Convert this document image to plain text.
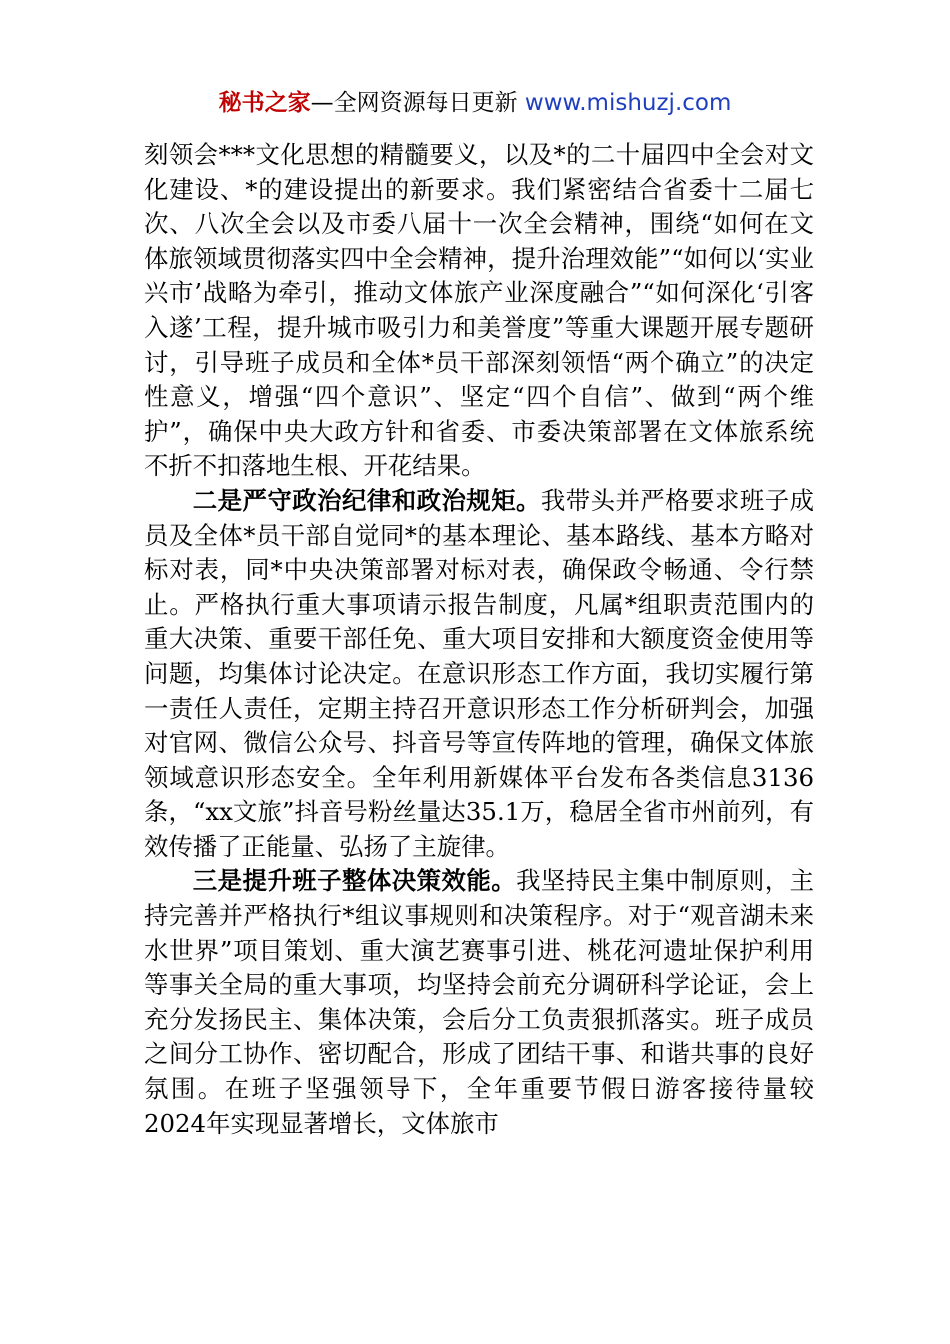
秘书之家—全网资源每日更新 www.mishuzj.com

刻领会***文化思想的精髓要义，以及*的二十届四中全会对文化建设、*的建设提出的新要求。我们紧密结合省委十二届七次、八次全会以及市委八届十一次全会精神，围绕“如何在文体旅领域贯彻落实四中全会精神，提升治理效能”“如何以‘实业兴市’战略为牵引，推动文体旅产业深度融合”“如何深化‘引客入遂’工程，提升城市吸引力和美誉度”等重大课题开展专题研讨，引导班子成员和全体*员干部深刻领悟“两个确立”的决定性意义，增强“四个意识”、坚定“四个自信”、做到“两个维护”，确保中央大政方针和省委、市委决策部署在文体旅系统不折不扣落地生根、开花结果。

二是严守政治纪律和政治规矩。我带头并严格要求班子成员及全体*员干部自觉同*的基本理论、基本路线、基本方略对标对表，同*中央决策部署对标对表，确保政令畅通、令行禁止。严格执行重大事项请示报告制度，凡属*组职责范围内的重大决策、重要干部任免、重大项目安排和大额度资金使用等问题，均集体讨论决定。在意识形态工作方面，我切实履行第一责任人责任，定期主持召开意识形态工作分析研判会，加强对官网、微信公众号、抖音号等宣传阵地的管理，确保文体旅领域意识形态安全。全年利用新媒体平台发布各类信息3136条，“xx文旅”抖音号粉丝量达35.1万，稳居全省市州前列，有效传播了正能量、弘扬了主旋律。

三是提升班子整体决策效能。我坚持民主集中制原则，主持完善并严格执行*组议事规则和决策程序。对于“观音湖未来水世界”项目策划、重大演艺赛事引进、桃花河遗址保护利用等事关全局的重大事项，均坚持会前充分调研科学论证，会上充分发扬民主、集体决策，会后分工负责狠抓落实。班子成员之间分工协作、密切配合，形成了团结干事、和谐共事的良好氛围。在班子坚强领导下，全年重要节假日游客接待量较2024年实现显著增长，文体旅市
